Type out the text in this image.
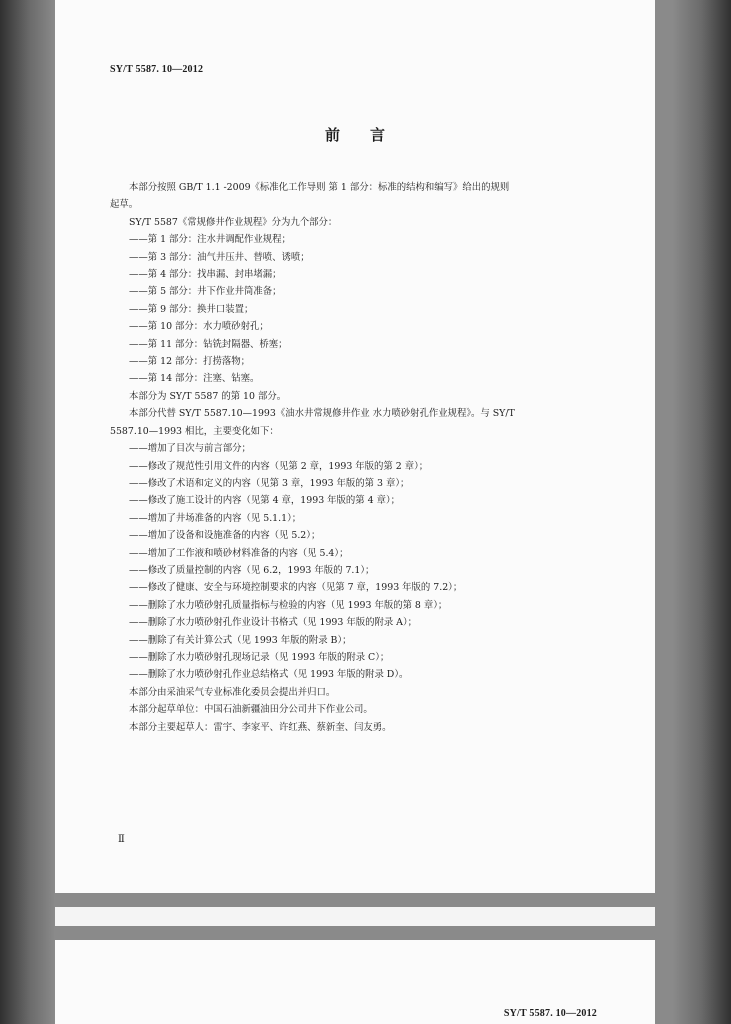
SY/T 5587. 10—2012
前言
本部分按照 GB/T 1.1 -2009《标准化工作导则 第 1 部分：标准的结构和编写》给出的规则
起草。
SY/T 5587《常规修井作业规程》分为九个部分：
——第 1 部分：注水井调配作业规程；
——第 3 部分：油气井压井、替喷、诱喷；
——第 4 部分：找串漏、封串堵漏；
——第 5 部分：井下作业井筒准备；
——第 9 部分：换井口装置；
——第 10 部分：水力喷砂射孔；
——第 11 部分：钻铣封隔器、桥塞；
——第 12 部分：打捞落物；
——第 14 部分：注塞、钻塞。
本部分为 SY/T 5587 的第 10 部分。
本部分代替 SY/T 5587.10—1993《油水井常规修井作业 水力喷砂射孔作业规程》。与 SY/T
5587.10—1993 相比，主要变化如下：
——增加了目次与前言部分；
——修改了规范性引用文件的内容（见第 2 章，1993 年版的第 2 章）；
——修改了术语和定义的内容（见第 3 章，1993 年版的第 3 章）；
——修改了施工设计的内容（见第 4 章，1993 年版的第 4 章）；
——增加了井场准备的内容（见 5.1.1）；
——增加了设备和设施准备的内容（见 5.2）；
——增加了工作液和喷砂材料准备的内容（见 5.4）；
——修改了质量控制的内容（见 6.2，1993 年版的 7.1）；
——修改了健康、安全与环境控制要求的内容（见第 7 章，1993 年版的 7.2）；
——删除了水力喷砂射孔质量指标与检验的内容（见 1993 年版的第 8 章）；
——删除了水力喷砂射孔作业设计书格式（见 1993 年版的附录 A）；
——删除了有关计算公式（见 1993 年版的附录 B）；
——删除了水力喷砂射孔现场记录（见 1993 年版的附录 C）；
——删除了水力喷砂射孔作业总结格式（见 1993 年版的附录 D）。
本部分由采油采气专业标准化委员会提出并归口。
本部分起草单位：中国石油新疆油田分公司井下作业公司。
本部分主要起草人：雷宇、李家平、许红燕、蔡新奎、闫友勇。
Ⅱ
SY/T 5587. 10—2012
